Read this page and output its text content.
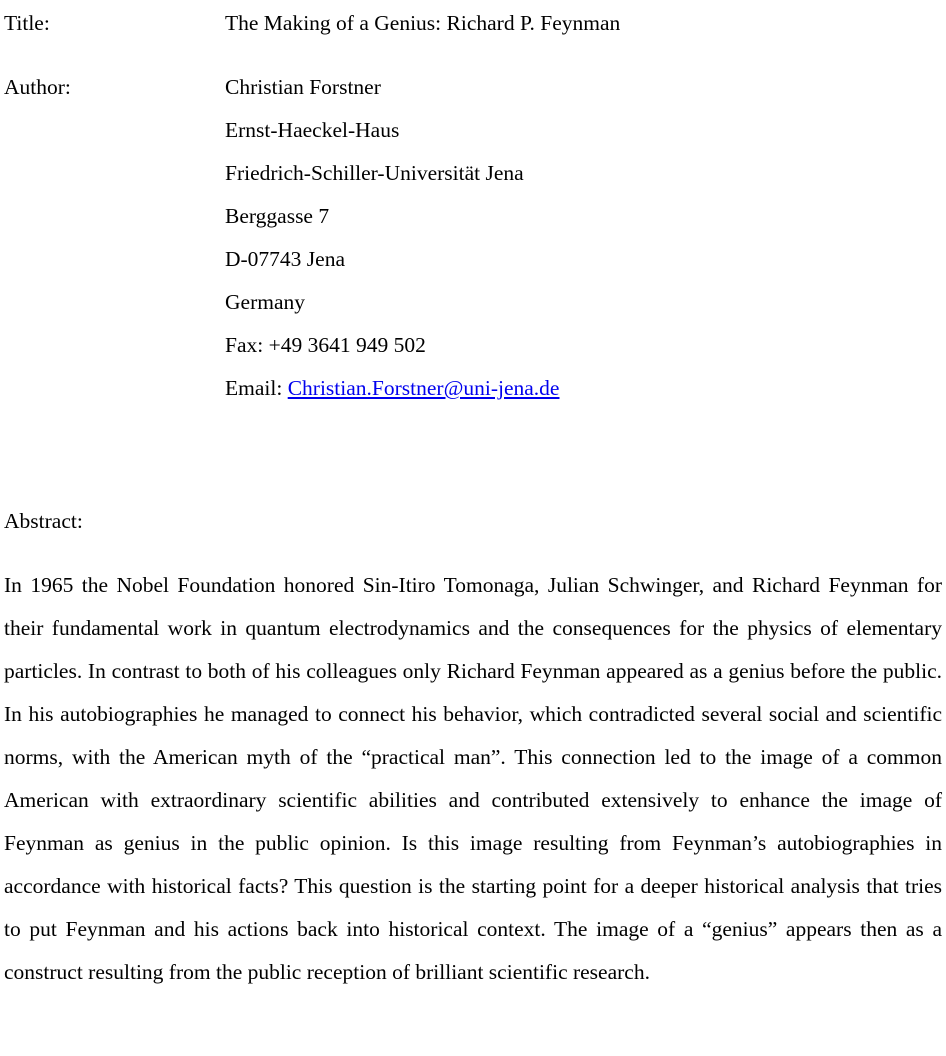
Title:	The Making of a Genius: Richard P. Feynman
Author:	Christian Forstner
Ernst-Haeckel-Haus
Friedrich-Schiller-Universität Jena
Berggasse 7
D-07743 Jena
Germany
Fax: +49 3641 949 502
Email: Christian.Forstner@uni-jena.de
Abstract:

In 1965 the Nobel Foundation honored Sin-Itiro Tomonaga, Julian Schwinger, and Richard Feynman for their fundamental work in quantum electrodynamics and the consequences for the physics of elementary particles. In contrast to both of his colleagues only Richard Feynman appeared as a genius before the public. In his autobiographies he managed to connect his behavior, which contradicted several social and scientific norms, with the American myth of the “practical man”. This connection led to the image of a common American with extraordinary scientific abilities and contributed extensively to enhance the image of Feynman as genius in the public opinion. Is this image resulting from Feynman’s autobiographies in accordance with historical facts? This question is the starting point for a deeper historical analysis that tries to put Feynman and his actions back into historical context. The image of a “genius” appears then as a construct resulting from the public reception of brilliant scientific research.
